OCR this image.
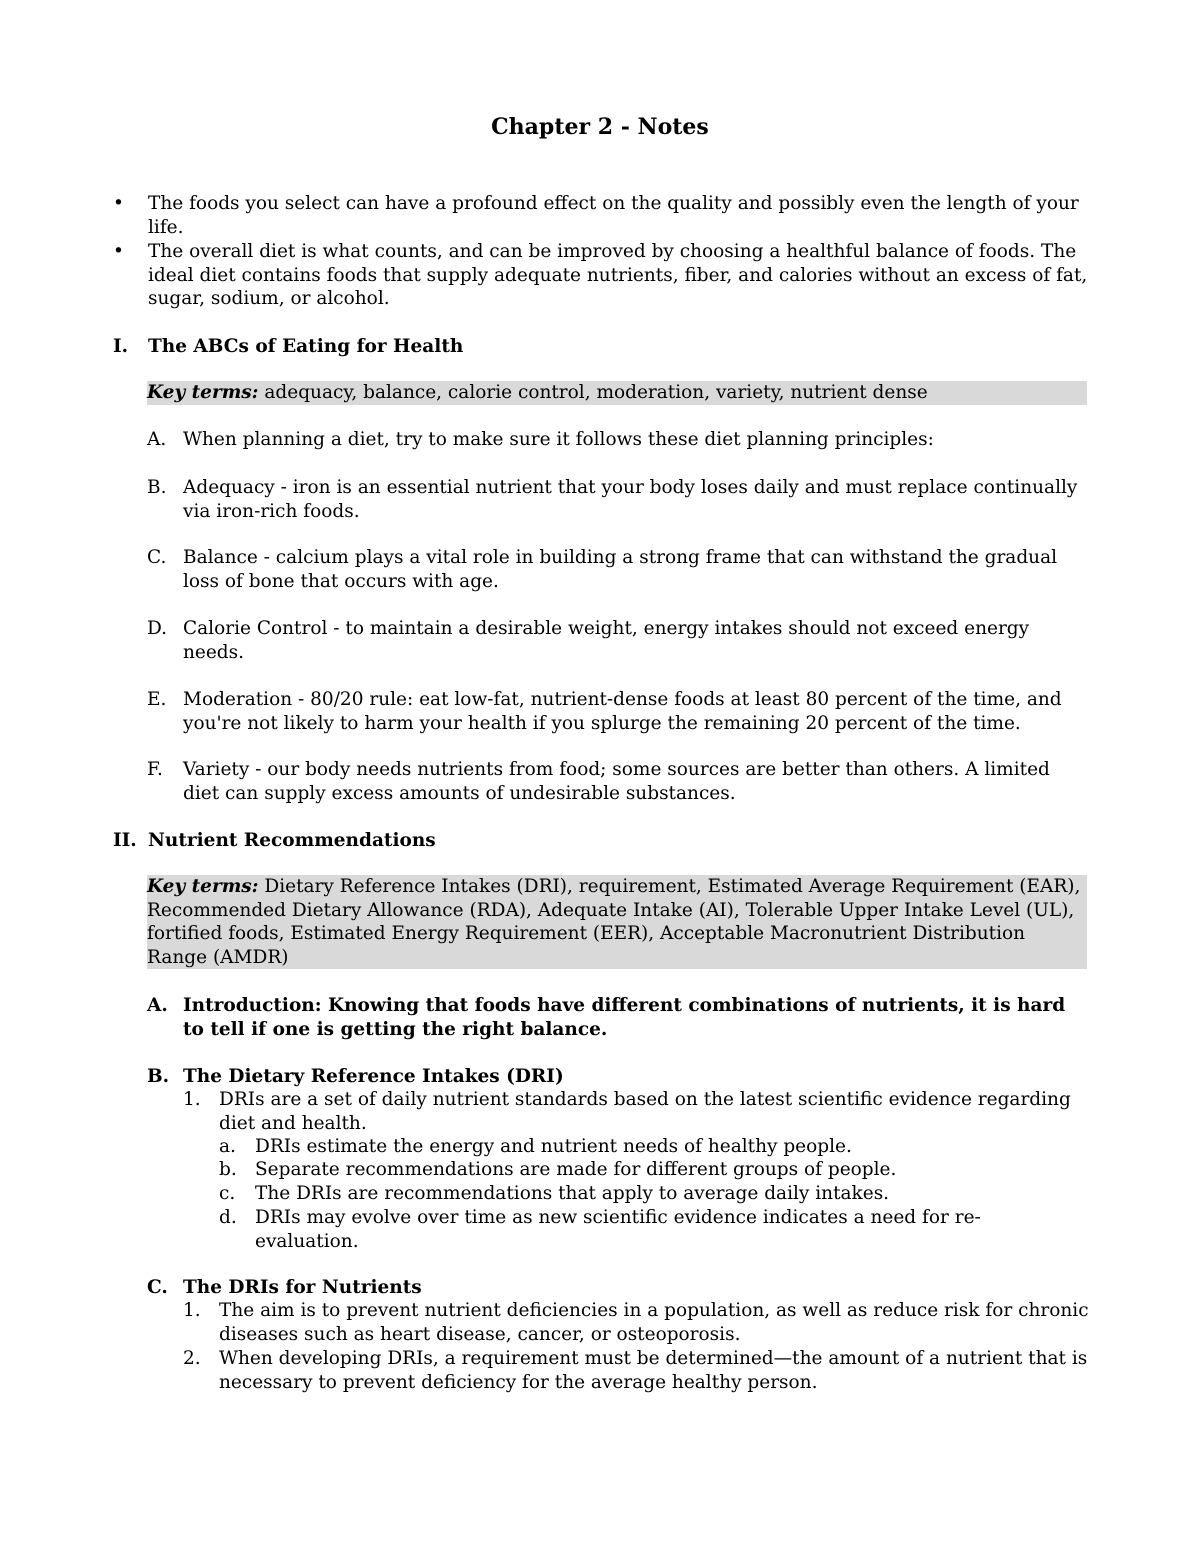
Chapter 2 - Notes
• The foods you select can have a profound effect on the quality and possibly even the length of your life.
• The overall diet is what counts, and can be improved by choosing a healthful balance of foods. The ideal diet contains foods that supply adequate nutrients, fiber, and calories without an excess of fat, sugar, sodium, or alcohol.
I. The ABCs of Eating for Health
Key terms: adequacy, balance, calorie control, moderation, variety, nutrient dense
A. When planning a diet, try to make sure it follows these diet planning principles:
B. Adequacy - iron is an essential nutrient that your body loses daily and must replace continually via iron-rich foods.
C. Balance - calcium plays a vital role in building a strong frame that can withstand the gradual loss of bone that occurs with age.
D. Calorie Control - to maintain a desirable weight, energy intakes should not exceed energy needs.
E. Moderation - 80/20 rule: eat low-fat, nutrient-dense foods at least 80 percent of the time, and you're not likely to harm your health if you splurge the remaining 20 percent of the time.
F. Variety - our body needs nutrients from food; some sources are better than others. A limited diet can supply excess amounts of undesirable substances.
II. Nutrient Recommendations
Key terms: Dietary Reference Intakes (DRI), requirement, Estimated Average Requirement (EAR), Recommended Dietary Allowance (RDA), Adequate Intake (AI), Tolerable Upper Intake Level (UL), fortified foods, Estimated Energy Requirement (EER), Acceptable Macronutrient Distribution Range (AMDR)
A. Introduction: Knowing that foods have different combinations of nutrients, it is hard to tell if one is getting the right balance.
B. The Dietary Reference Intakes (DRI)
1. DRIs are a set of daily nutrient standards based on the latest scientific evidence regarding diet and health.
a. DRIs estimate the energy and nutrient needs of healthy people.
b. Separate recommendations are made for different groups of people.
c. The DRIs are recommendations that apply to average daily intakes.
d. DRIs may evolve over time as new scientific evidence indicates a need for re-evaluation.
C. The DRIs for Nutrients
1. The aim is to prevent nutrient deficiencies in a population, as well as reduce risk for chronic diseases such as heart disease, cancer, or osteoporosis.
2. When developing DRIs, a requirement must be determined—the amount of a nutrient that is necessary to prevent deficiency for the average healthy person.
